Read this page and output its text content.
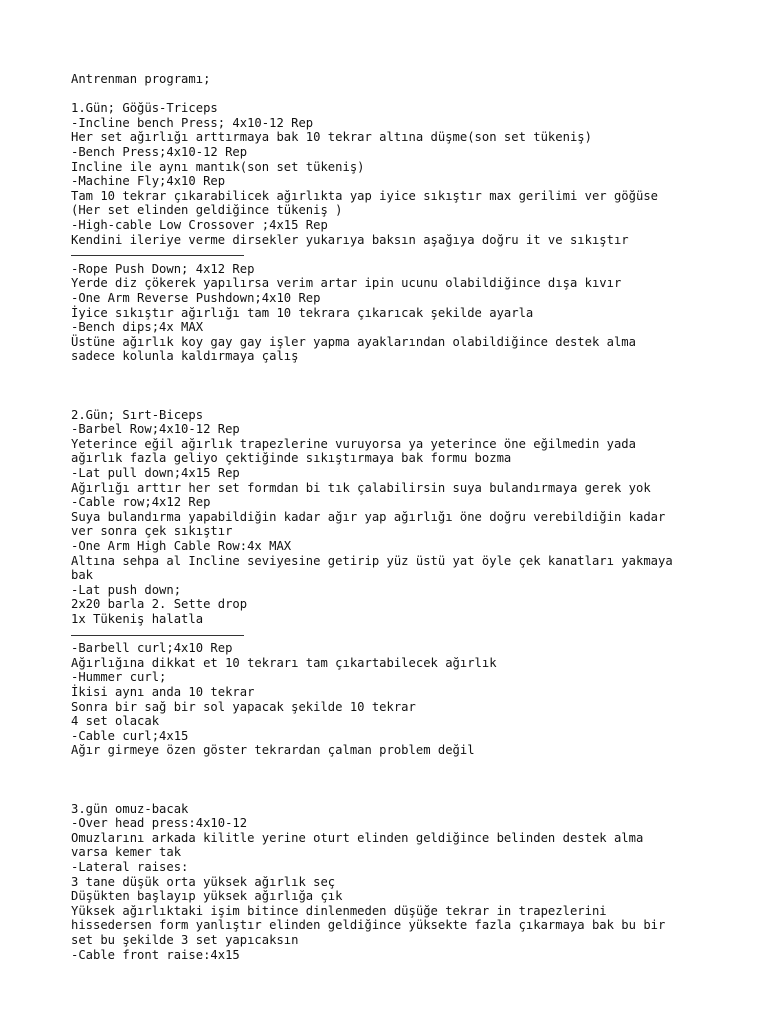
Antrenman programı;
1.Gün; Göğüs-Triceps
-Incline bench Press; 4x10-12 Rep
Her set ağırlığı arttırmaya bak 10 tekrar altına düşme(son set tükeniş)
-Bench Press;4x10-12 Rep
Incline ile aynı mantık(son set tükeniş)
-Machine Fly;4x10 Rep
Tam 10 tekrar çıkarabilicek ağırlıkta yap iyice sıkıştır max gerilimi ver göğüse
(Her set elinden geldiğince tükeniş )
-High-cable Low Crossover ;4x15 Rep
Kendini ileriye verme dirsekler yukarıya baksın aşağıya doğru it ve sıkıştır
-Rope Push Down; 4x12 Rep
Yerde diz çökerek yapılırsa verim artar ipin ucunu olabildiğince dışa kıvır
-One Arm Reverse Pushdown;4x10 Rep
İyice sıkıştır ağırlığı tam 10 tekrara çıkarıcak şekilde ayarla
-Bench dips;4x MAX
Üstüne ağırlık koy gay gay işler yapma ayaklarından olabildiğince destek alma
sadece kolunla kaldırmaya çalış
2.Gün; Sırt-Biceps
-Barbel Row;4x10-12 Rep
Yeterince eğil ağırlık trapezlerine vuruyorsa ya yeterince öne eğilmedin yada
ağırlık fazla geliyo çektiğinde sıkıştırmaya bak formu bozma
-Lat pull down;4x15 Rep
Ağırlığı arttır her set formdan bi tık çalabilirsin suya bulandırmaya gerek yok
-Cable row;4x12 Rep
Suya bulandırma yapabildiğin kadar ağır yap ağırlığı öne doğru verebildiğin kadar
ver sonra çek sıkıştır
-One Arm High Cable Row:4x MAX
Altına sehpa al Incline seviyesine getirip yüz üstü yat öyle çek kanatları yakmaya
bak
-Lat push down;
2x20 barla 2. Sette drop
1x Tükeniş halatla
-Barbell curl;4x10 Rep
Ağırlığına dikkat et 10 tekrarı tam çıkartabilecek ağırlık
-Hummer curl;
İkisi aynı anda 10 tekrar
Sonra bir sağ bir sol yapacak şekilde 10 tekrar
4 set olacak
-Cable curl;4x15
Ağır girmeye özen göster tekrardan çalman problem değil
3.gün omuz-bacak
-Over head press:4x10-12
Omuzlarını arkada kilitle yerine oturt elinden geldiğince belinden destek alma
varsa kemer tak
-Lateral raises:
3 tane düşük orta yüksek ağırlık seç
Düşükten başlayıp yüksek ağırlığa çık
Yüksek ağırlıktaki işim bitince dinlenmeden düşüğe tekrar in trapezlerini
hissedersen form yanlıştır elinden geldiğince yüksekte fazla çıkarmaya bak bu bir
set bu şekilde 3 set yapıcaksın
-Cable front raise:4x15
